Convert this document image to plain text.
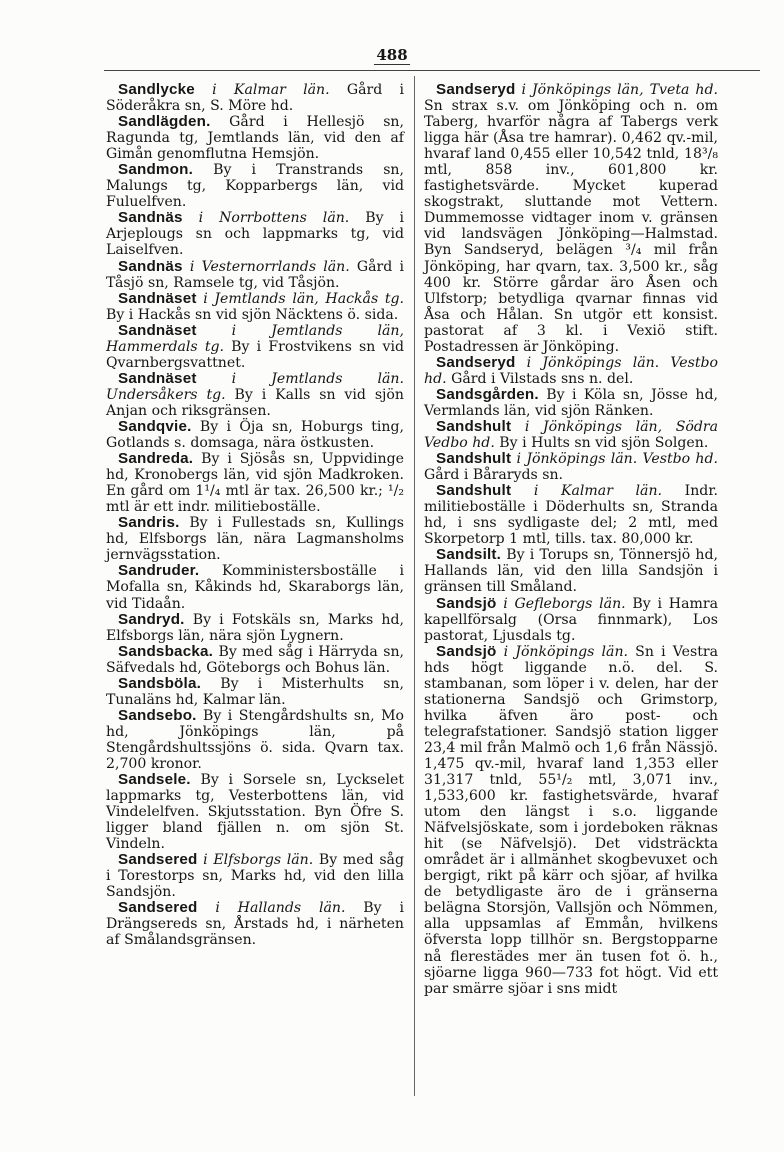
488

Sandlycke i Kalmar län. Gård i Söderåkra sn, S. Möre hd.

Sandlägden. Gård i Hellesjö sn, Ragunda tg, Jemtlands län, vid den af Gimån genomflutna Hemsjön.

Sandmon. By i Transtrands sn, Malungs tg, Kopparbergs län, vid Fuluelfven.

Sandnäs i Norrbottens län. By i Arjeplougs sn och lappmarks tg, vid Laiselfven.

Sandnäs i Vesternorrlands län. Gård i Tåsjö sn, Ramsele tg, vid Tåsjön.

Sandnäset i Jemtlands län, Hackås tg. By i Hackås sn vid sjön Näcktens ö. sida.

Sandnäset i Jemtlands län, Hammerdals tg. By i Frostvikens sn vid Qvarnbergsvattnet.

Sandnäset i Jemtlands län. Undersåkers tg. By i Kalls sn vid sjön Anjan och riksgränsen.

Sandqvie. By i Öja sn, Hoburgs ting, Gotlands s. domsaga, nära östkusten.

Sandreda. By i Sjösås sn, Uppvidinge hd, Kronobergs län, vid sjön Madkroken. En gård om 1¹/₄ mtl är tax. 26,500 kr.; ¹/₂ mtl är ett indr. militieboställe.

Sandris. By i Fullestads sn, Kullings hd, Elfsborgs län, nära Lagmansholms jernvägsstation.

Sandruder. Komministersboställe i Mofalla sn, Kåkinds hd, Skaraborgs län, vid Tidaån.

Sandryd. By i Fotskäls sn, Marks hd, Elfsborgs län, nära sjön Lygnern.

Sandsbacka. By med såg i Härryda sn, Säfvedals hd, Göteborgs och Bohus län.

Sandsböla. By i Misterhults sn, Tunaläns hd, Kalmar län.

Sandsebo. By i Stengårdshults sn, Mo hd, Jönköpings län, på Stengårdshultssjöns ö. sida. Qvarn tax. 2,700 kronor.

Sandsele. By i Sorsele sn, Lyckselet lappmarks tg, Vesterbottens län, vid Vindelelfven. Skjutsstation. Byn Öfre S. ligger bland fjällen n. om sjön St. Vindeln.

Sandsered i Elfsborgs län. By med såg i Torestorps sn, Marks hd, vid den lilla Sandsjön.

Sandsered i Hallands län. By i Drängsereds sn, Årstads hd, i närheten af Smålandsgränsen.

Sandseryd i Jönköpings län, Tveta hd. Sn strax s.v. om Jönköping och n. om Taberg, hvarför några af Tabergs verk ligga här (Åsa tre hamrar). 0,462 qv.-mil, hvaraf land 0,455 eller 10,542 tnld, 18³/₈ mtl, 858 inv., 601,800 kr. fastighetsvärde. Mycket kuperad skogstrakt, sluttande mot Vettern. Dummemosse vidtager inom v. gränsen vid landsvägen Jönköping—Halmstad. Byn Sandseryd, belägen ³/₄ mil från Jönköping, har qvarn, tax. 3,500 kr., såg 400 kr. Större gårdar äro Åsen och Ulfstorp; betydliga qvarnar finnas vid Åsa och Hålan. Sn utgör ett konsist. pastorat af 3 kl. i Vexiö stift. Postadressen är Jönköping.

Sandseryd i Jönköpings län. Vestbo hd. Gård i Vilstads sns n. del.

Sandsgården. By i Köla sn, Jösse hd, Vermlands län, vid sjön Ränken.

Sandshult i Jönköpings län, Södra Vedbo hd. By i Hults sn vid sjön Solgen.

Sandshult i Jönköpings län. Vestbo hd. Gård i Båraryds sn.

Sandshult i Kalmar län. Indr. militieboställe i Döderhults sn, Strandа hd, i sns sydligaste del; 2 mtl, med Skorpetorp 1 mtl, tills. tax. 80,000 kr.

Sandsilt. By i Torups sn, Tönnersjö hd, Hallands län, vid den lilla Sandsjön i gränsen till Småland.

Sandsjö i Gefleborgs län. By i Hamra kapellförsalg (Orsa finnmark), Los pastorat, Ljusdals tg.

Sandsjö i Jönköpings län. Sn i Vestra hds högt liggande n.ö. del. S. stambanan, som löper i v. delen, har der stationerna Sandsjö och Grimstorp, hvilka äfven äro post- och telegrafstationer. Sandsjö station ligger 23,4 mil från Malmö och 1,6 från Nässjö. 1,475 qv.-mil, hvaraf land 1,353 eller 31,317 tnld, 55¹/₂ mtl, 3,071 inv., 1,533,600 kr. fastighetsvärde, hvaraf utom den längst i s.o. liggande Näfvelsjöskate, som i jordeboken räknas hit (se Näfvelsjö). Det vidsträckta området är i allmänhet skogbevuxet och bergigt, rikt på kärr och sjöar, af hvilka de betydligaste äro de i gränserna belägna Storsjön, Vallsjön och Nömmen, alla uppsamlas af Emmån, hvilkens öfversta lopp tillhör sn. Bergstopparne nå flerestädes mer än tusen fot ö. h., sjöarne ligga 960—733 fot högt. Vid ett par smärre sjöar i sns midt
